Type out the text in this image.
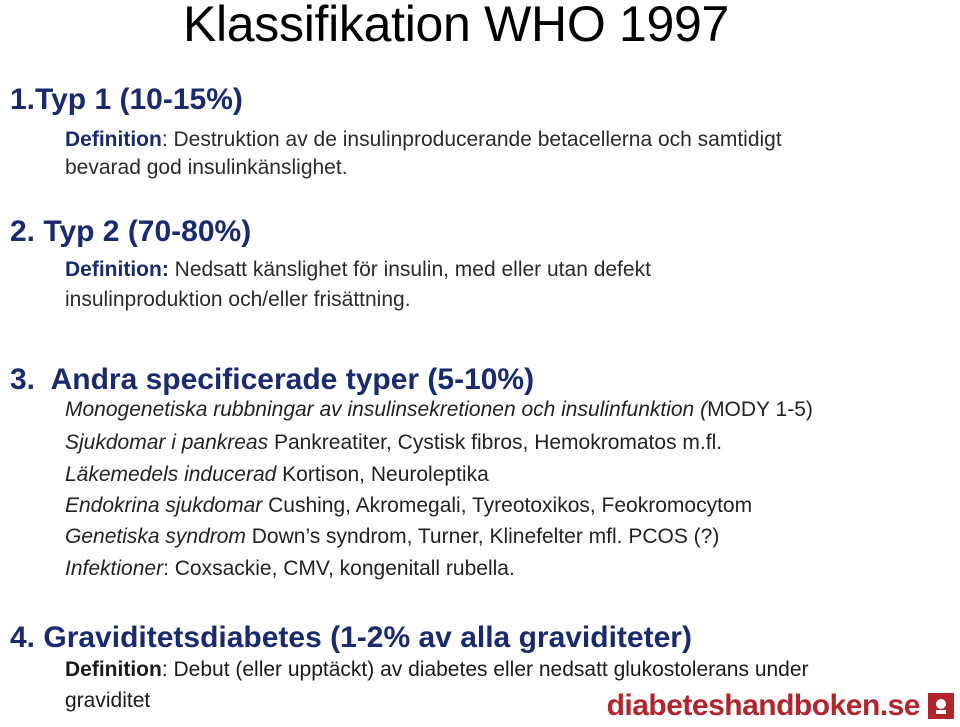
Klassifikation WHO 1997
1.Typ 1 (10-15%)
Definition: Destruktion av de insulinproducerande betacellerna och samtidigt
bevarad god insulinkänslighet.
2. Typ 2 (70-80%)
Definition: Nedsatt känslighet för insulin, med eller utan defekt
insulinproduktion och/eller frisättning.
3.  Andra specificerade typer (5-10%)
Monogenetiska rubbningar av insulinsekretionen och insulinfunktion (MODY 1-5)
Sjukdomar i pankreas Pankreatiter, Cystisk fibros, Hemokromatos m.fl.
Läkemedels inducerad Kortison, Neuroleptika
Endokrina sjukdomar Cushing, Akromegali, Tyreotoxikos, Feokromocytom
Genetiska syndrom Down’s syndrom, Turner, Klinefelter mfl. PCOS (?)
Infektioner: Coxsackie, CMV, kongenitall rubella.
4. Graviditetsdiabetes (1-2% av alla graviditeter)
Definition: Debut (eller upptäckt) av diabetes eller nedsatt glukostolerans under
graviditet	diabeteshandboken.se
